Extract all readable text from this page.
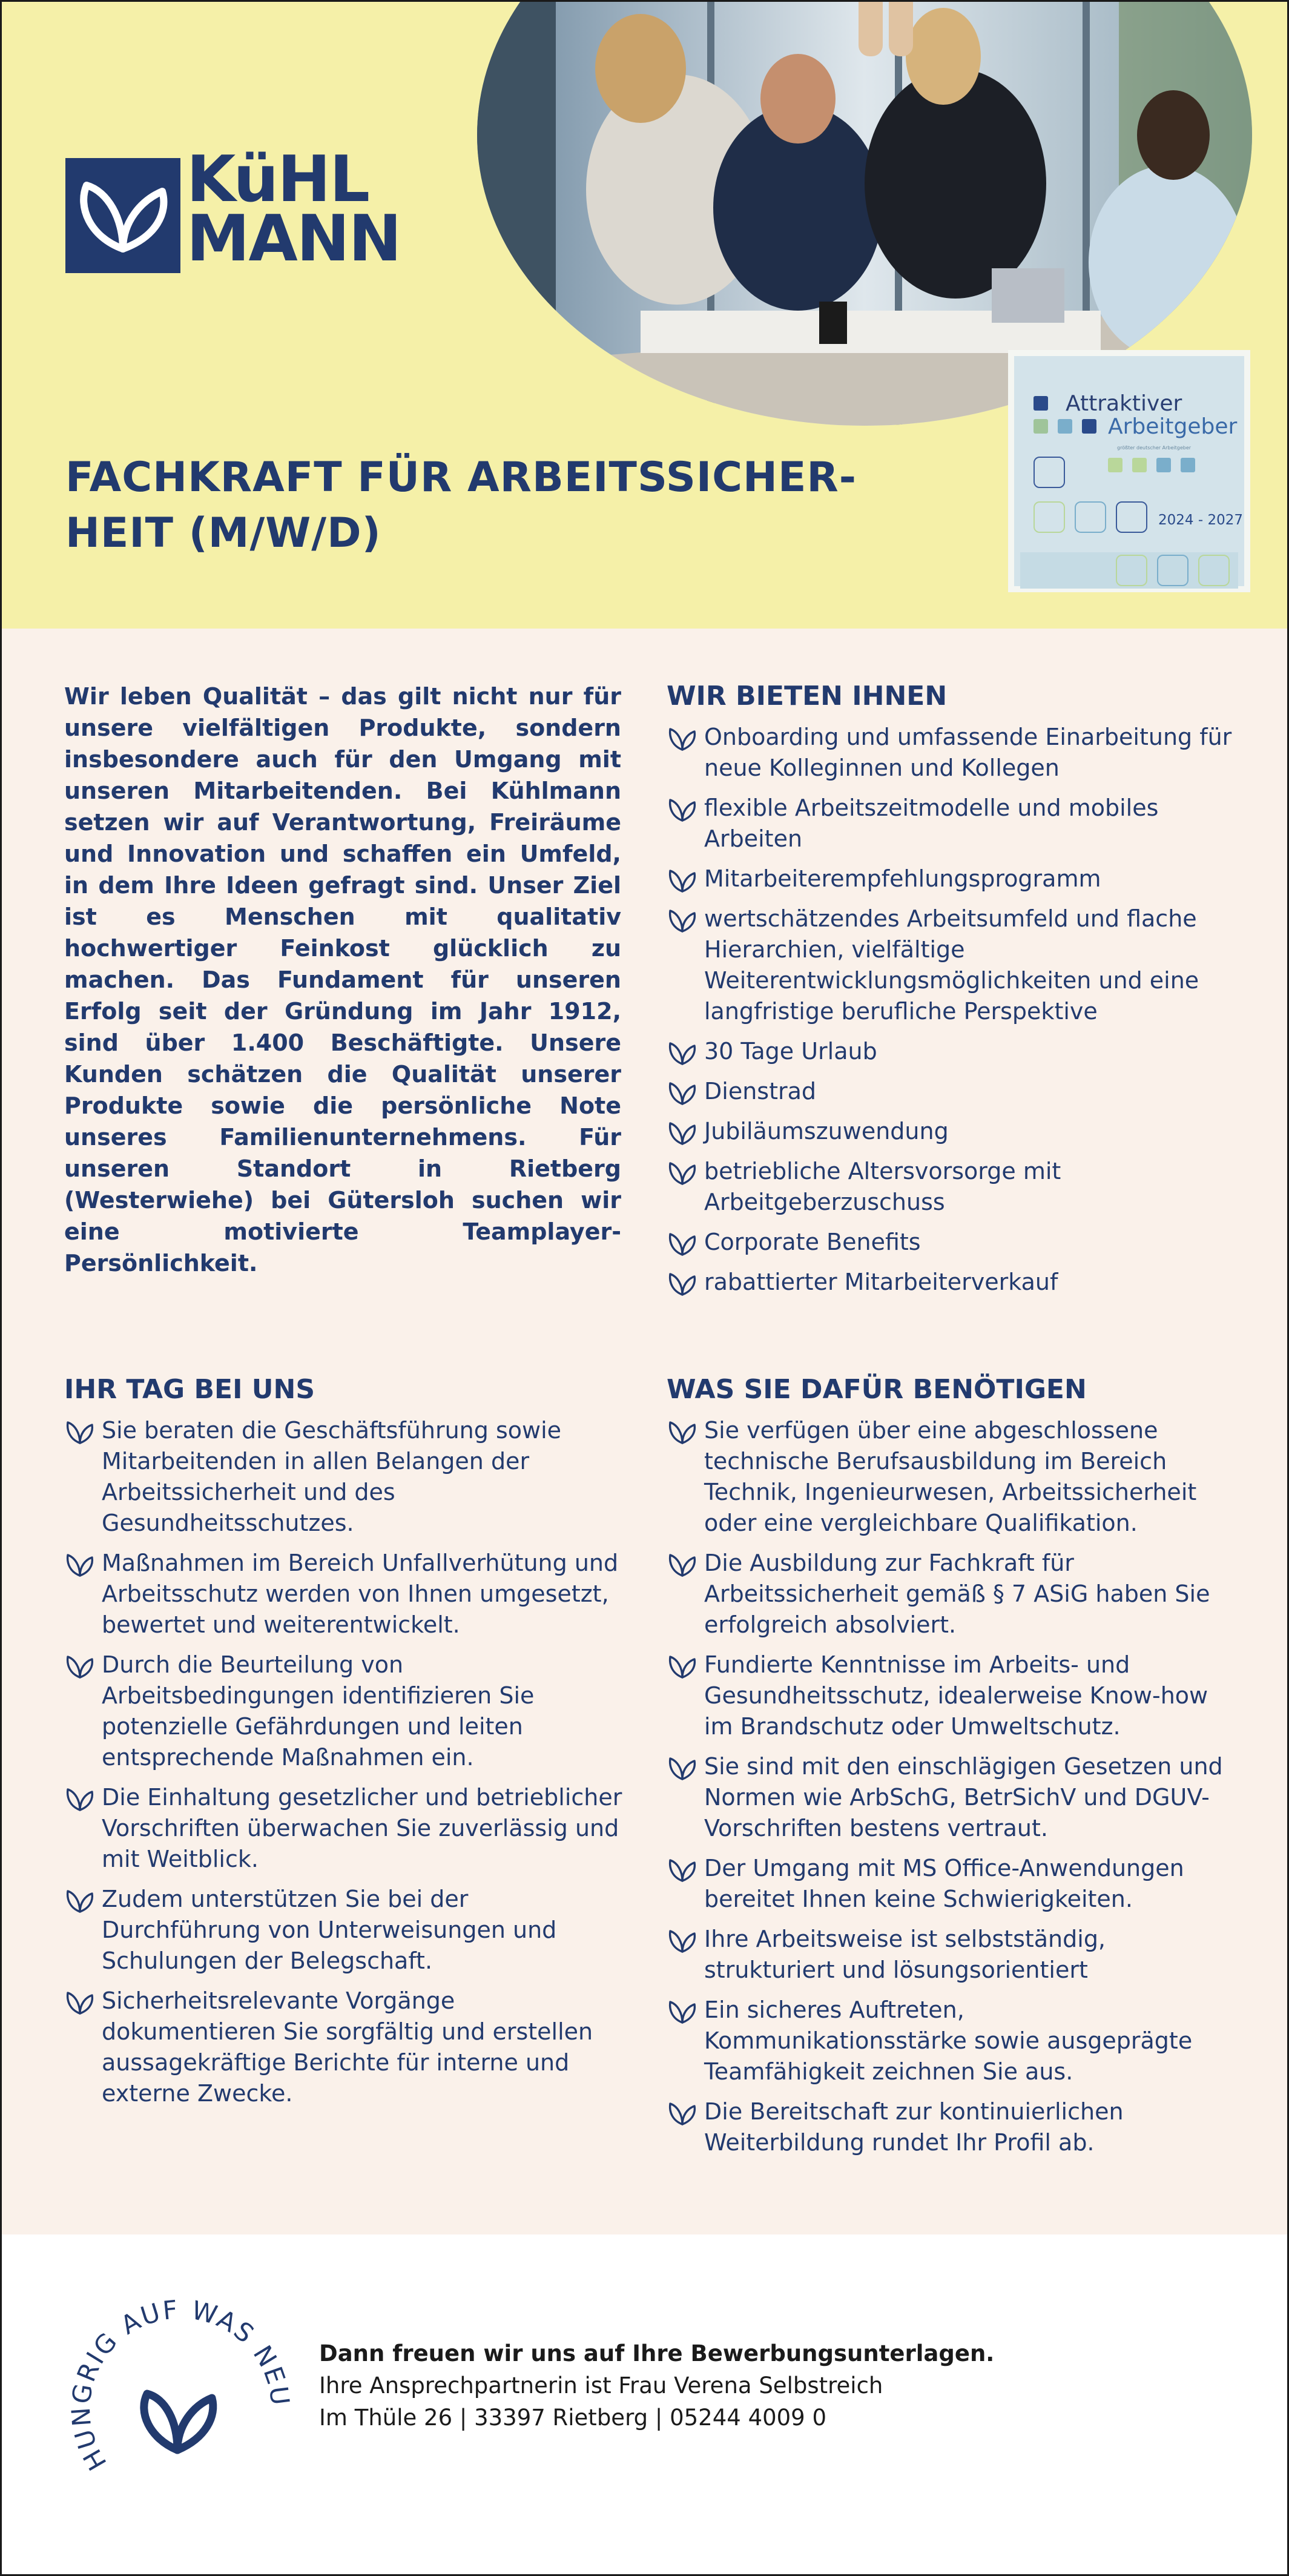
KüHL
MANN
FACHKRAFT FÜR ARBEITSSICHER-
HEIT (M/W/D)
Attraktiver
Arbeitgeber
größter deutscher Arbeitgeber
2024 - 2027

Wir leben Qualität – das gilt nicht nur für unsere vielfältigen Produkte, sondern insbesondere auch für den Umgang mit unseren Mitarbeitenden. Bei Kühlmann setzen wir auf Verantwortung, Freiräume und Innovation und schaffen ein Umfeld, in dem Ihre Ideen gefragt sind. Unser Ziel ist es Menschen mit qualitativ hochwertiger Feinkost glücklich zu machen. Das Fundament für unseren Erfolg seit der Gründung im Jahr 1912, sind über 1.400 Beschäftigte. Unsere Kunden schätzen die Qualität unserer Produkte sowie die persönliche Note unseres Familienunternehmens. Für unseren Standort in Rietberg (Westerwiehe) bei Gütersloh suchen wir eine motivierte Teamplayer-Persönlichkeit.

WIR BIETEN IHNEN
Onboarding und umfassende Einarbeitung für neue Kolleginnen und Kollegen
flexible Arbeitszeitmodelle und mobiles Arbeiten
Mitarbeiterempfehlungsprogramm
wertschätzendes Arbeitsumfeld und flache Hierarchien, vielfältige Weiterentwicklungsmöglichkeiten und eine langfristige berufliche Perspektive
30 Tage Urlaub
Dienstrad
Jubiläumszuwendung
betriebliche Altersvorsorge mit Arbeitgeberzuschuss
Corporate Benefits
rabattierter Mitarbeiterverkauf
IHR TAG BEI UNS
Sie beraten die Geschäftsführung sowie Mitarbeitenden in allen Belangen der Arbeitssicherheit und des Gesundheitsschutzes.
Maßnahmen im Bereich Unfallverhütung und Arbeitsschutz werden von Ihnen umgesetzt, bewertet und weiterentwickelt.
Durch die Beurteilung von Arbeitsbedingungen identifizieren Sie potenzielle Gefährdungen und leiten entsprechende Maßnahmen ein.
Die Einhaltung gesetzlicher und betrieblicher Vorschriften überwachen Sie zuverlässig und mit Weitblick.
Zudem unterstützen Sie bei der Durchführung von Unterweisungen und Schulungen der Belegschaft.
Sicherheitsrelevante Vorgänge dokumentieren Sie sorgfältig und erstellen aussagekräftige Berichte für interne und externe Zwecke.
WAS SIE DAFÜR BENÖTIGEN
Sie verfügen über eine abgeschlossene technische Berufsausbildung im Bereich Technik, Ingenieurwesen, Arbeitssicherheit oder eine vergleichbare Qualifikation.
Die Ausbildung zur Fachkraft für Arbeitssicherheit gemäß § 7 ASiG haben Sie erfolgreich absolviert.
Fundierte Kenntnisse im Arbeits- und Gesundheitsschutz, idealerweise Know-how im Brandschutz oder Umweltschutz.
Sie sind mit den einschlägigen Gesetzen und Normen wie ArbSchG, BetrSichV und DGUV-Vorschriften bestens vertraut.
Der Umgang mit MS Office-Anwendungen bereitet Ihnen keine Schwierigkeiten.
Ihre Arbeitsweise ist selbstständig, strukturiert und lösungsorientiert
Ein sicheres Auftreten, Kommunikationsstärke sowie ausgeprägte Teamfähigkeit zeichnen Sie aus.
Die Bereitschaft zur kontinuierlichen Weiterbildung rundet Ihr Profil ab.
HUNGRIG AUF WAS NEU
Dann freuen wir uns auf Ihre Bewerbungsunterlagen.
Ihre Ansprechpartnerin ist Frau Verena Selbstreich
Im Thüle 26 | 33397 Rietberg | 05244 4009 0
